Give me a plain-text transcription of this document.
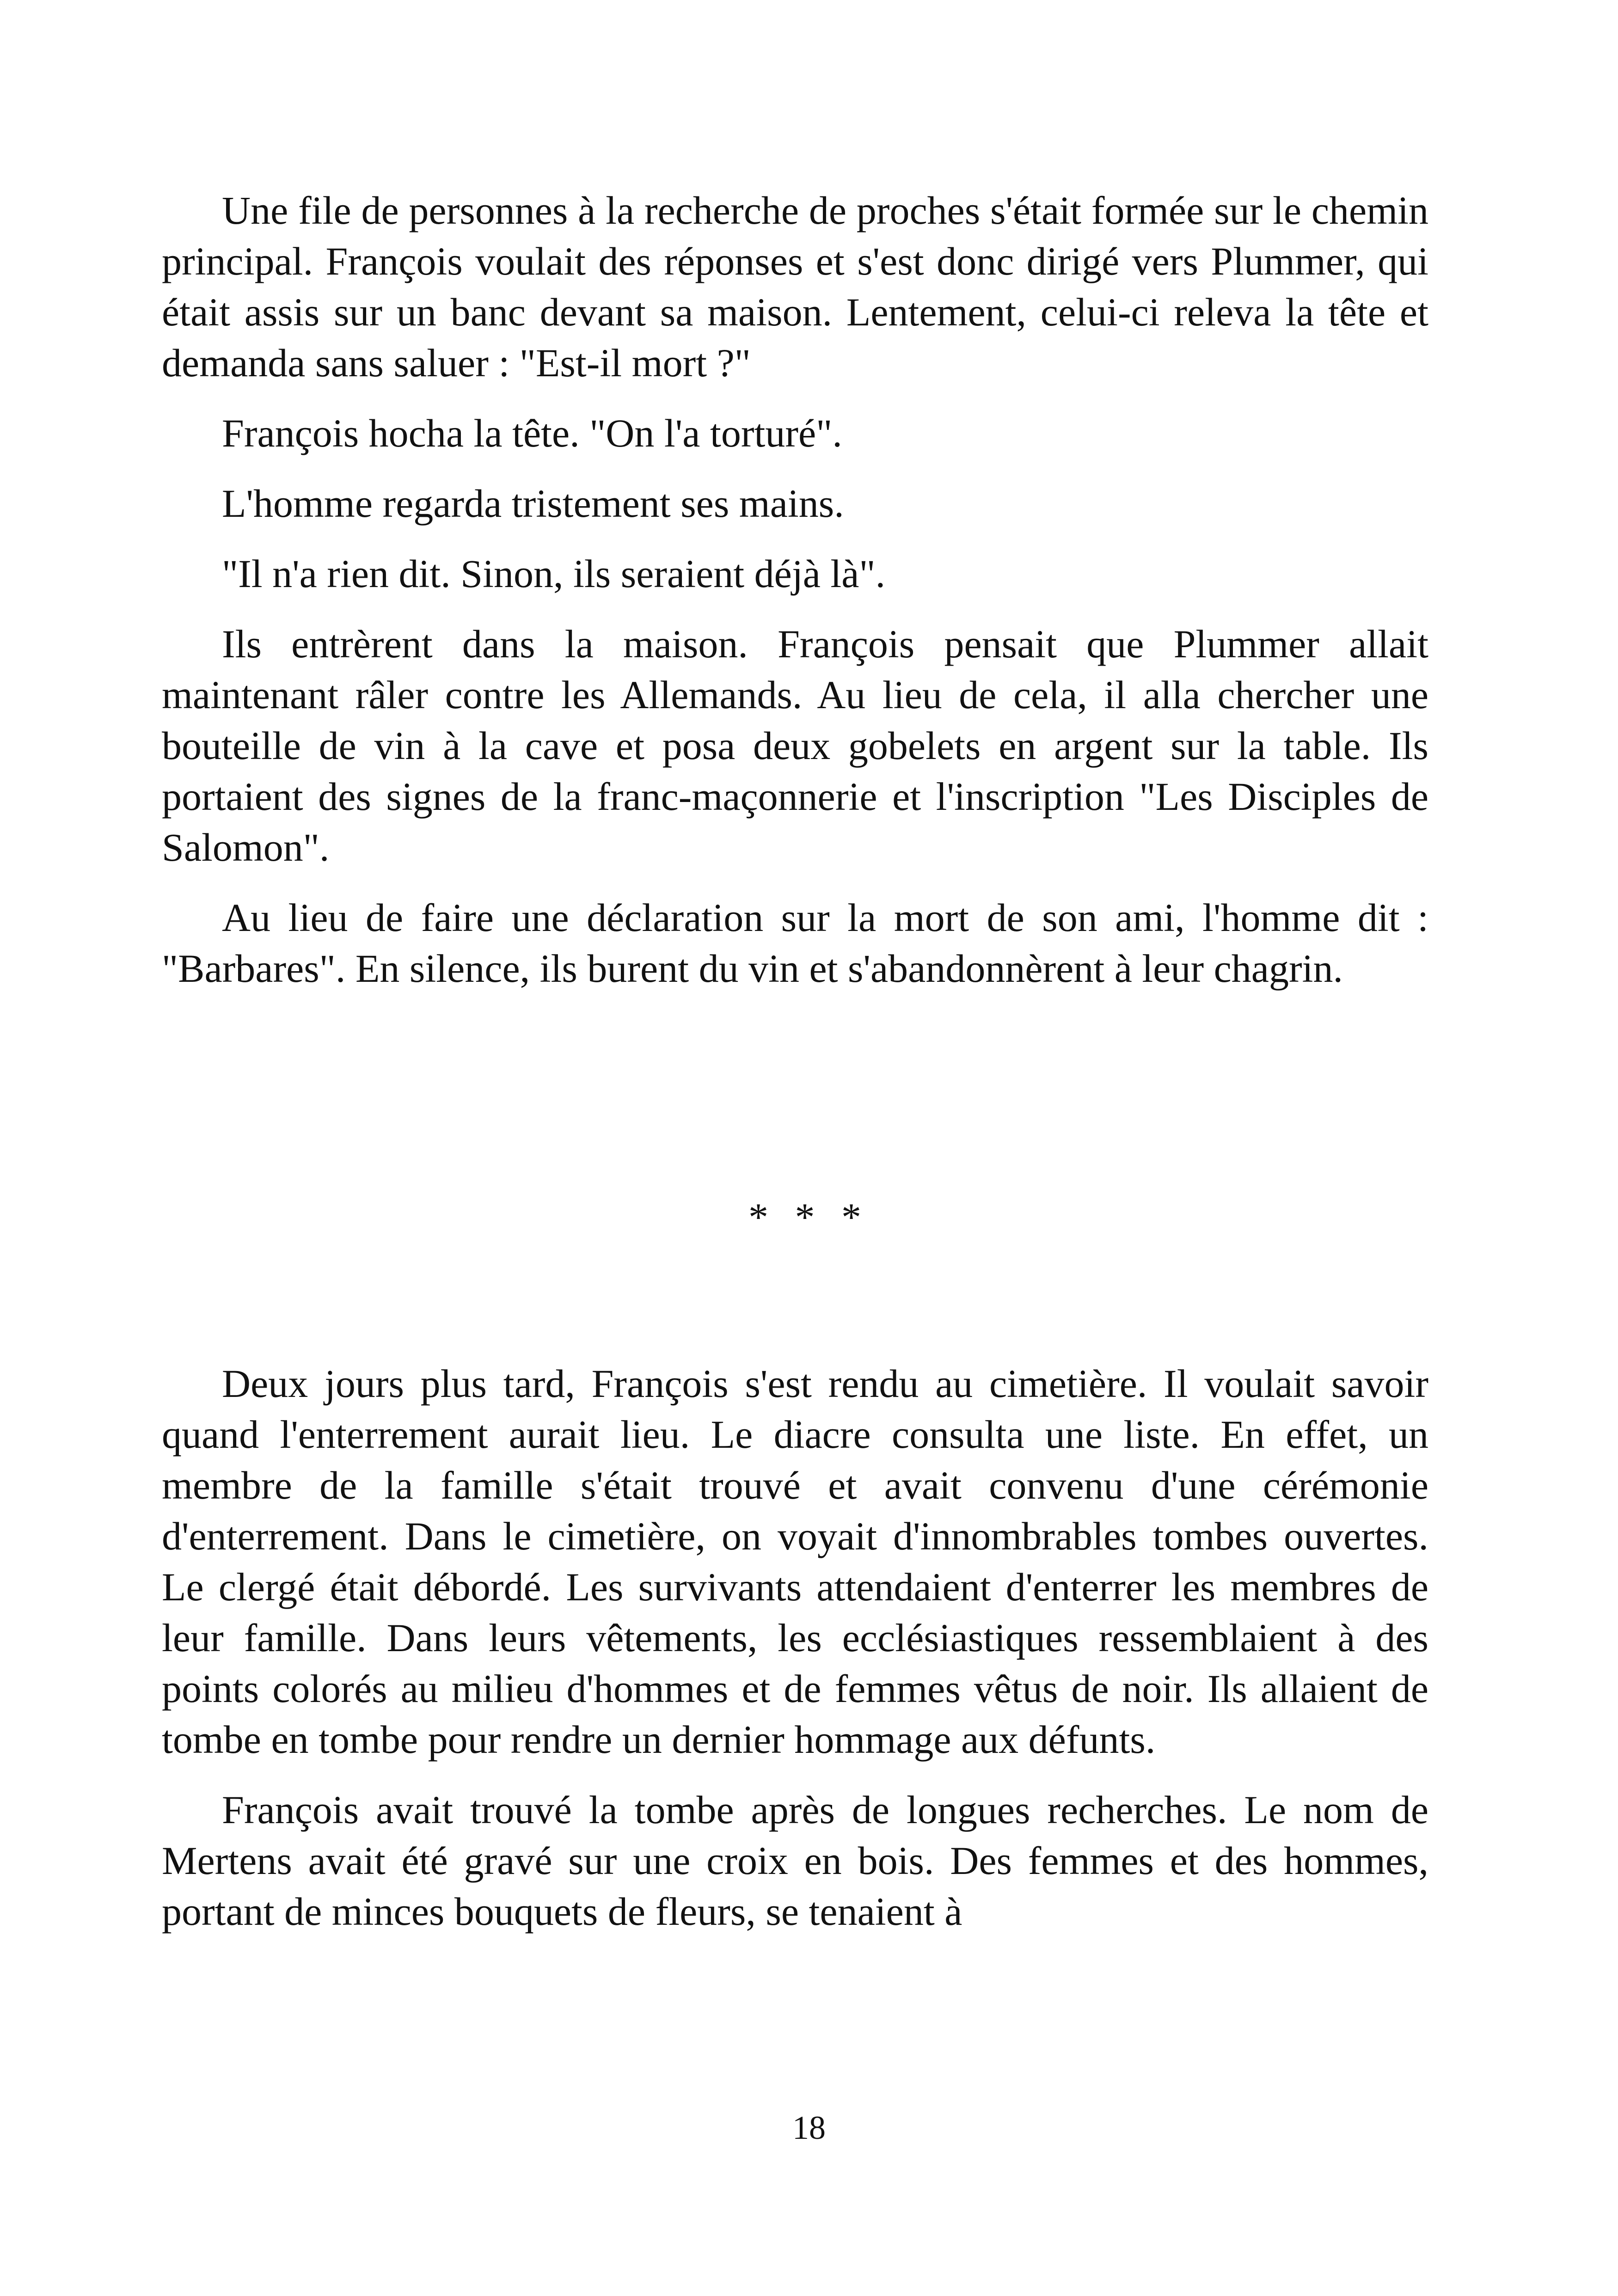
Une file de personnes à la recherche de proches s'était formée sur le chemin principal. François voulait des réponses et s'est donc dirigé vers Plummer, qui était assis sur un banc devant sa maison. Lentement, celui-ci releva la tête et demanda sans saluer : "Est-il mort ?"

François hocha la tête. "On l'a torturé".

L'homme regarda tristement ses mains.

"Il n'a rien dit. Sinon, ils seraient déjà là".

Ils entrèrent dans la maison. François pensait que Plummer allait maintenant râler contre les Allemands. Au lieu de cela, il alla chercher une bouteille de vin à la cave et posa deux gobelets en argent sur la table. Ils portaient des signes de la franc-maçonnerie et l'inscription "Les Disciples de Salomon".

Au lieu de faire une déclaration sur la mort de son ami, l'homme dit : "Barbares". En silence, ils burent du vin et s'abandonnèrent à leur chagrin.

* * *

Deux jours plus tard, François s'est rendu au cimetière. Il voulait savoir quand l'enterrement aurait lieu. Le diacre consulta une liste. En effet, un membre de la famille s'était trouvé et avait convenu d'une cérémonie d'enterrement. Dans le cimetière, on voyait d'innombrables tombes ouvertes. Le clergé était débordé. Les survivants attendaient d'enterrer les membres de leur famille. Dans leurs vêtements, les ecclésiastiques ressemblaient à des points colorés au milieu d'hommes et de femmes vêtus de noir. Ils allaient de tombe en tombe pour rendre un dernier hommage aux défunts.

François avait trouvé la tombe après de longues recherches. Le nom de Mertens avait été gravé sur une croix en bois. Des femmes et des hommes, portant de minces bouquets de fleurs, se tenaient à

18
